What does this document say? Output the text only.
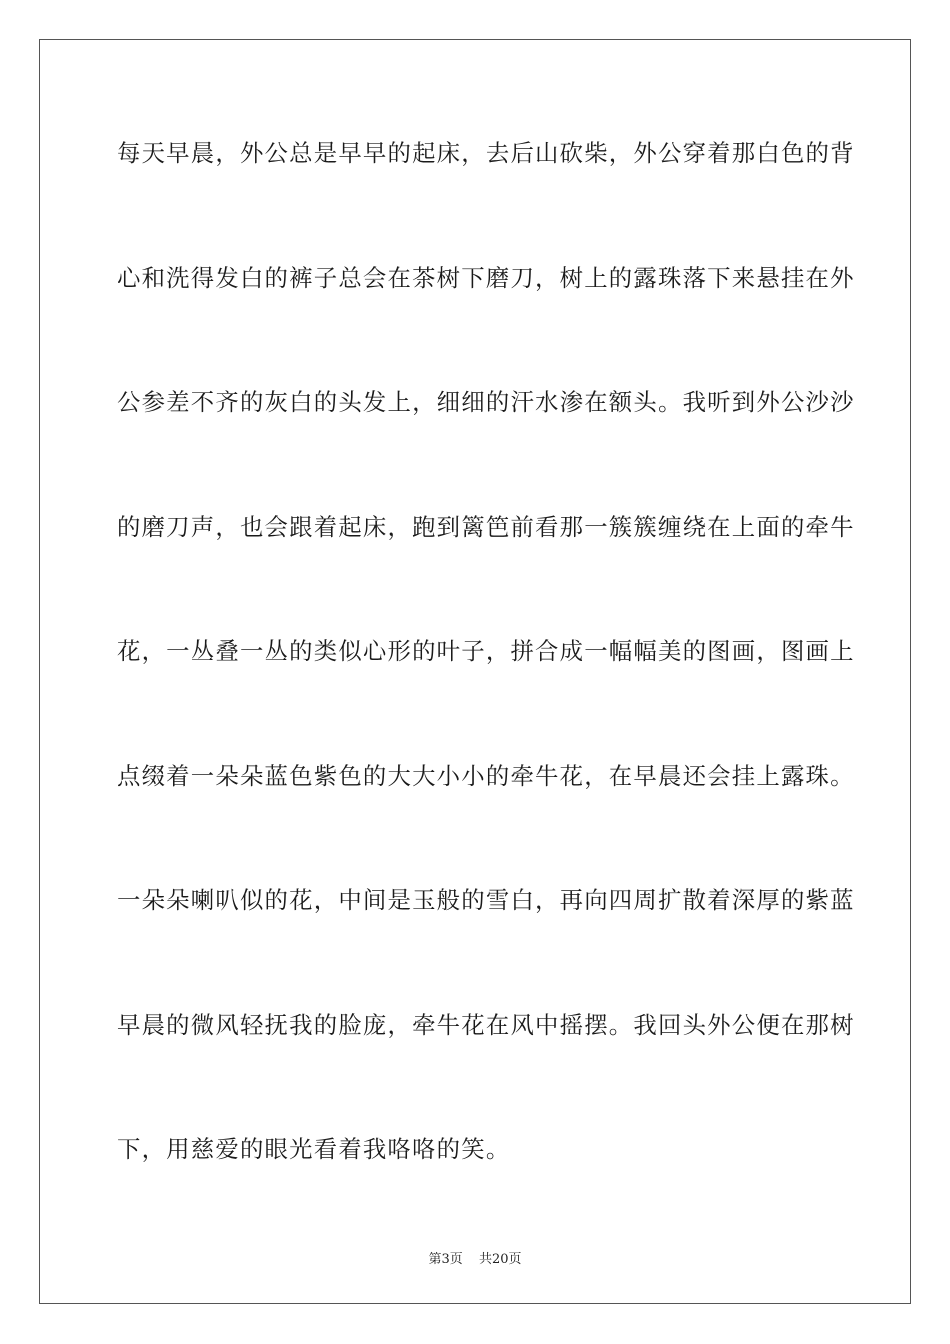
每天早晨，外公总是早早的起床，去后山砍柴，外公穿着那白色的背
心和洗得发白的裤子总会在茶树下磨刀，树上的露珠落下来悬挂在外
公参差不齐的灰白的头发上，细细的汗水渗在额头。我听到外公沙沙
的磨刀声，也会跟着起床，跑到篱笆前看那一簇簇缠绕在上面的牵牛
花，一丛叠一丛的类似心形的叶子，拼合成一幅幅美的图画，图画上
点缀着一朵朵蓝色紫色的大大小小的牵牛花，在早晨还会挂上露珠。
一朵朵喇叭似的花，中间是玉般的雪白，再向四周扩散着深厚的紫蓝
早晨的微风轻抚我的脸庞，牵牛花在风中摇摆。我回头外公便在那树
下，用慈爱的眼光看着我咯咯的笑。
第3页 共20页
